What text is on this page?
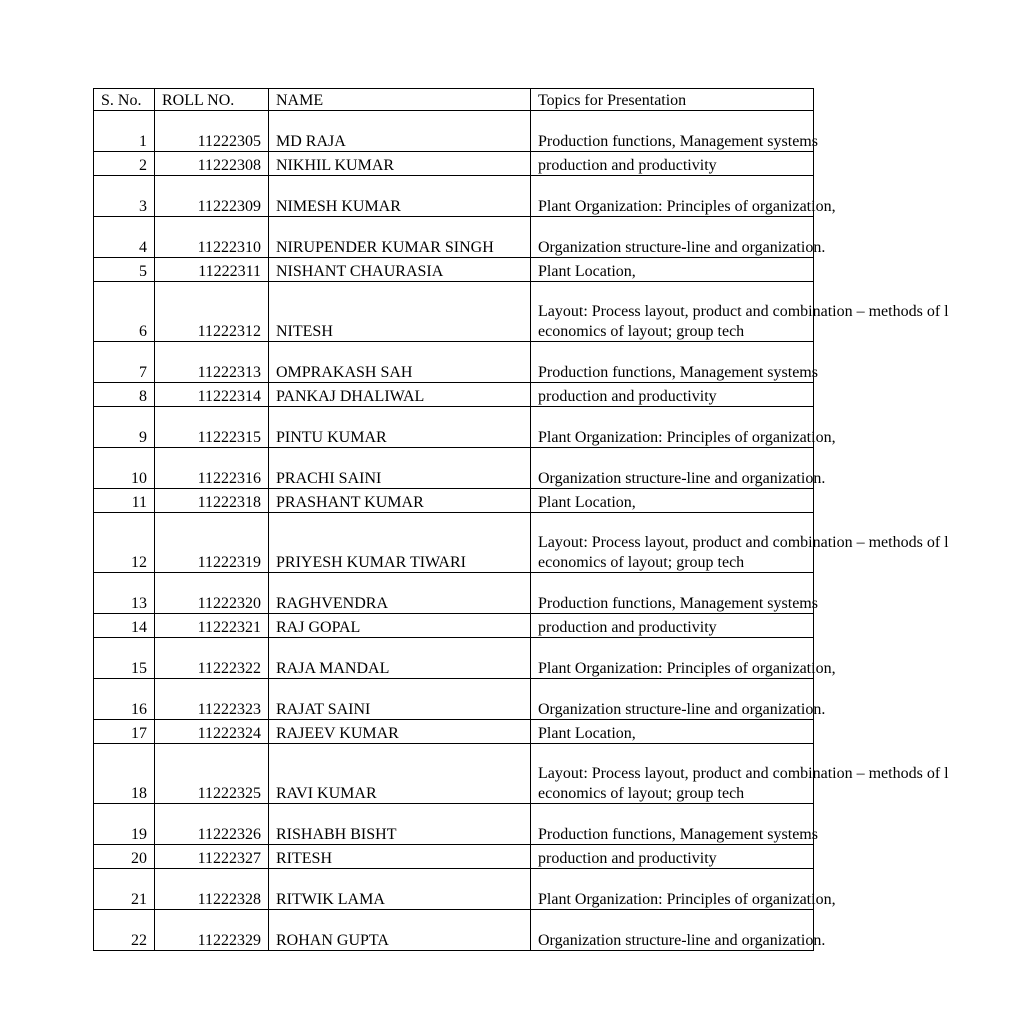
S. No.	ROLL NO.	NAME	Topics for Presentation
1	11222305	MD RAJA	Production functions, Management systems

2	11222308	NIKHIL KUMAR	production and productivity

3	11222309	NIMESH KUMAR	Plant Organization: Principles of organization,

4	11222310	NIRUPENDER KUMAR SINGH	Organization structure-line and organization.

5	11222311	NISHANT CHAURASIA	Plant Location,

6	11222312	NITESH	Layout: Process layout, product and combination – methods of l economics of layout; group tech

7	11222313	OMPRAKASH SAH	Production functions, Management systems

8	11222314	PANKAJ DHALIWAL	production and productivity

9	11222315	PINTU KUMAR	Plant Organization: Principles of organization,

10	11222316	PRACHI SAINI	Organization structure-line and organization.

11	11222318	PRASHANT KUMAR	Plant Location,

12	11222319	PRIYESH KUMAR TIWARI	Layout: Process layout, product and combination – methods of l economics of layout; group tech

13	11222320	RAGHVENDRA	Production functions, Management systems

14	11222321	RAJ GOPAL	production and productivity

15	11222322	RAJA MANDAL	Plant Organization: Principles of organization,

16	11222323	RAJAT SAINI	Organization structure-line and organization.

17	11222324	RAJEEV KUMAR	Plant Location,

18	11222325	RAVI KUMAR	Layout: Process layout, product and combination – methods of l economics of layout; group tech

19	11222326	RISHABH BISHT	Production functions, Management systems

20	11222327	RITESH	production and productivity

21	11222328	RITWIK LAMA	Plant Organization: Principles of organization,

22	11222329	ROHAN GUPTA	Organization structure-line and organization.
